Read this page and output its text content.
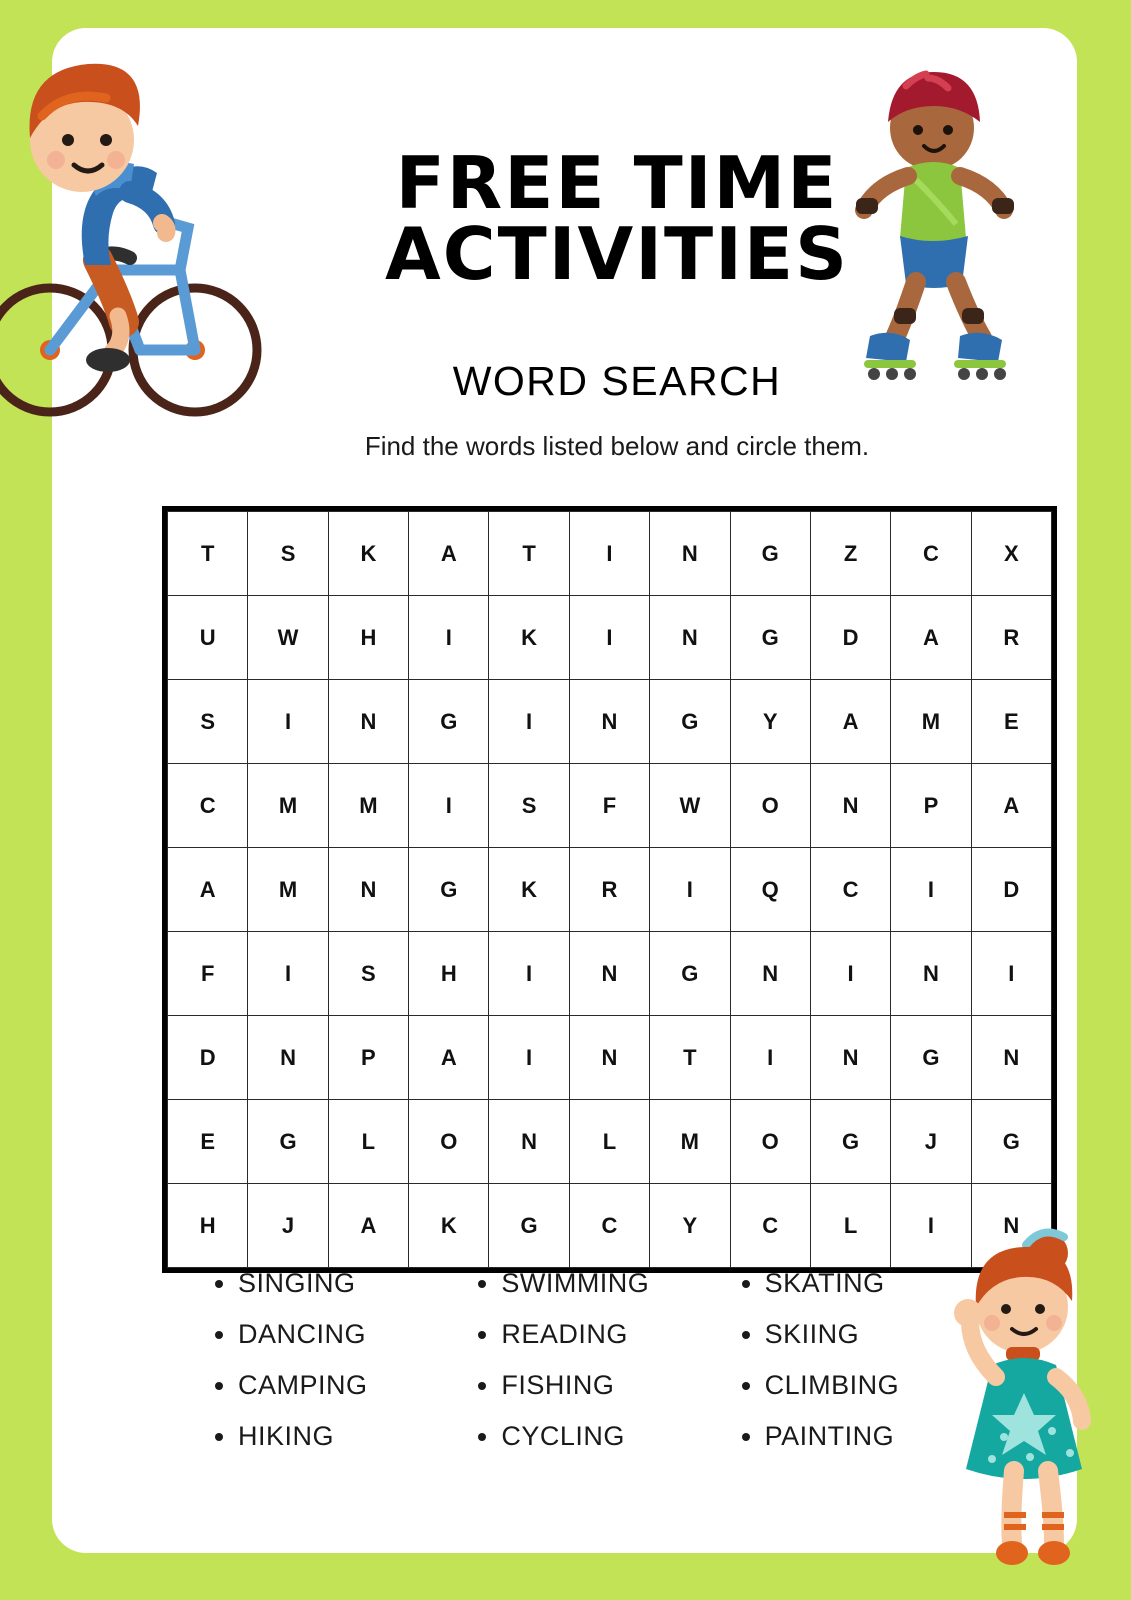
FREE TIME
ACTIVITIES
WORD SEARCH
Find the words listed below and circle them.
T	S	K	A	T	I	N	G	Z	C	X
U	W	H	I	K	I	N	G	D	A	R
S	I	N	G	I	N	G	Y	A	M	E
C	M	M	I	S	F	W	O	N	P	A
A	M	N	G	K	R	I	Q	C	I	D
F	I	S	H	I	N	G	N	I	N	I
D	N	P	A	I	N	T	I	N	G	N
E	G	L	O	N	L	M	O	G	J	G
H	J	A	K	G	C	Y	C	L	I	N
• SINGING
• DANCING
• CAMPING
• HIKING
• SWIMMING
• READING
• FISHING
• CYCLING
• SKATING
• SKIING
• CLIMBING
• PAINTING
